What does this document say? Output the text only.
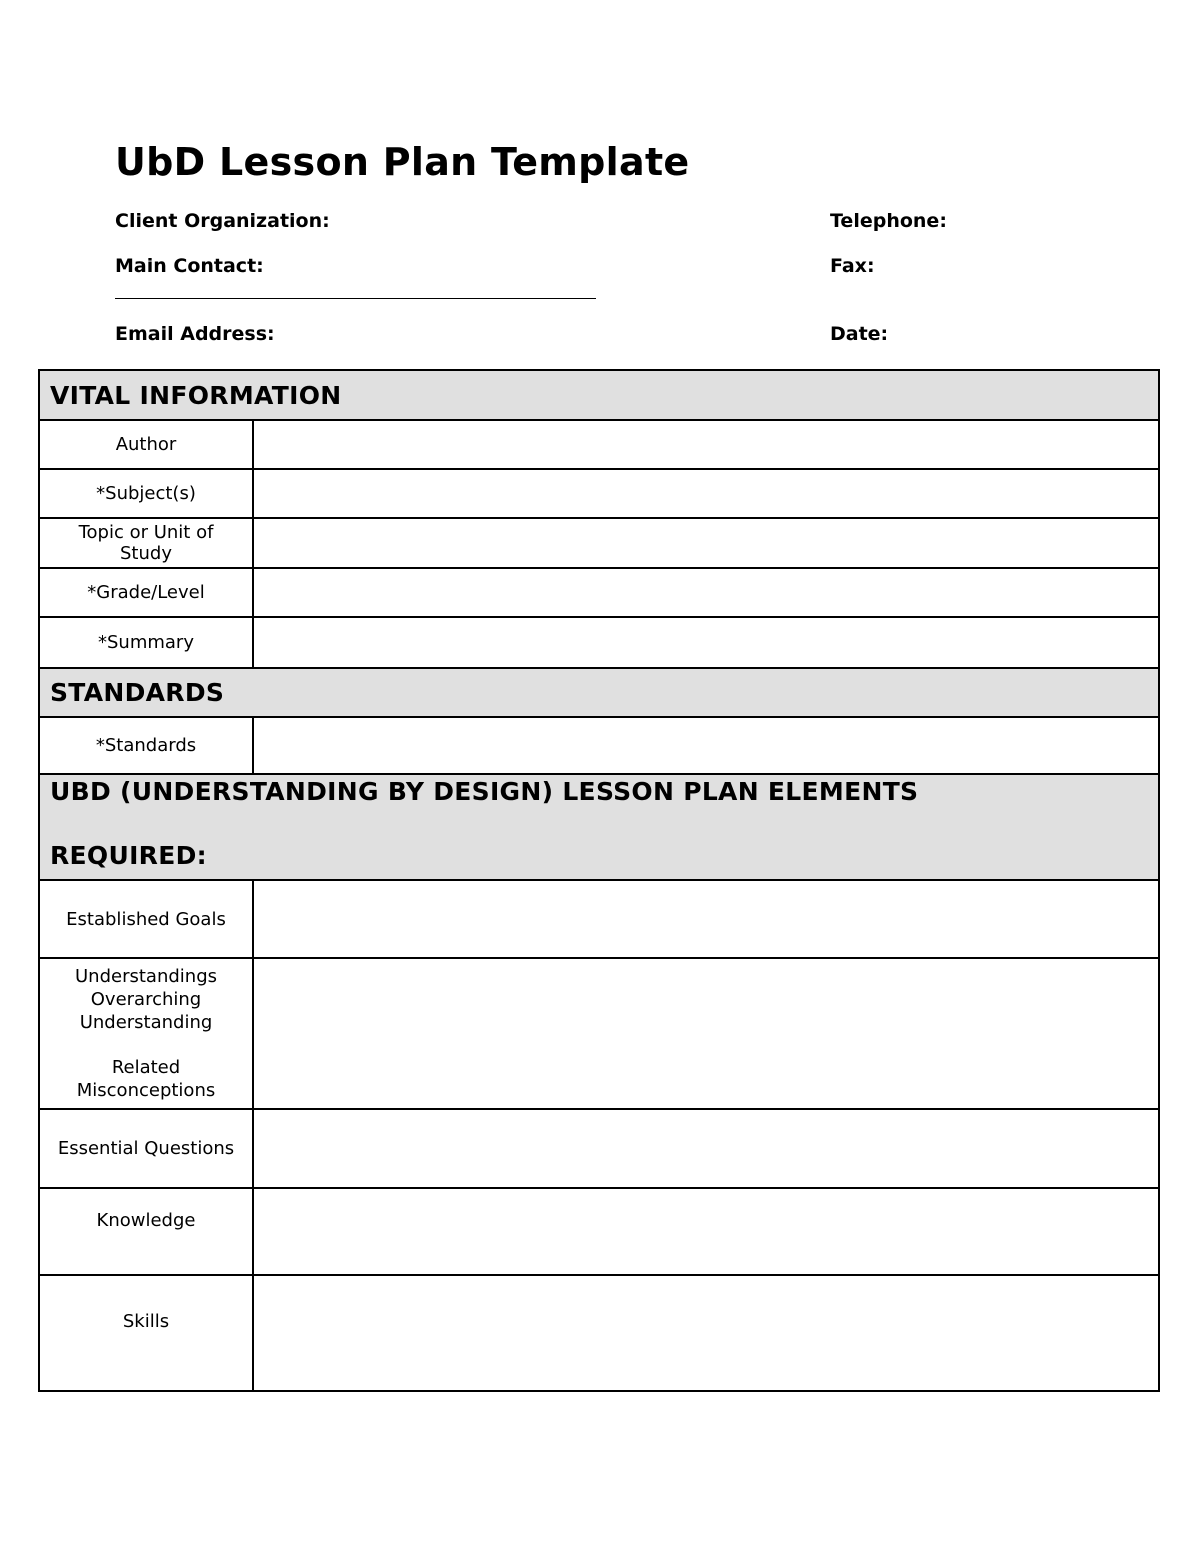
UbD Lesson Plan Template
Client Organization:	Telephone:
Main Contact:	Fax:
Email Address:	Date:
VITAL INFORMATION	
Author	
*Subject(s)	

Topic or Unit of
Study	

*Grade/Level	
*Summary	
STANDARDS	
*Standards	

UBD (UNDERSTANDING BY DESIGN) LESSON PLAN ELEMENTS
REQUIRED:	

Established Goals	

Understandings
Overarching
Understanding
Related
Misconceptions	

Essential Questions	
Knowledge	
Skills	
